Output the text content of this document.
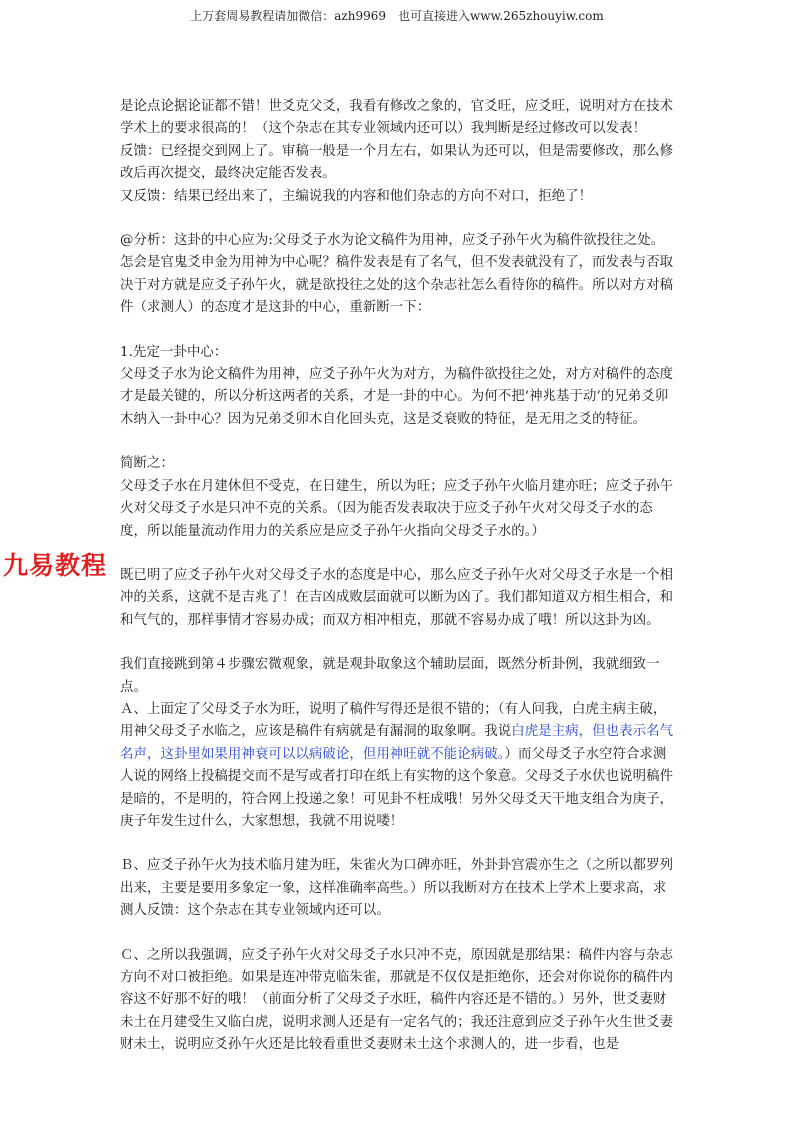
上万套周易教程请加微信：azh9969　也可直接进入www.265zhouyiw.com
九易教程

是论点论据论证都不错！世爻克父爻，我看有修改之象的，官爻旺，应爻旺，说明对方在技术学术上的要求很高的！（这个杂志在其专业领域内还可以）我判断是经过修改可以发表！

反馈：已经提交到网上了。审稿一般是一个月左右，如果认为还可以，但是需要修改，那么修改后再次提交，最终决定能否发表。

又反馈：结果已经出来了，主编说我的内容和他们杂志的方向不对口，拒绝了！

@分析：这卦的中心应为:父母爻子水为论文稿件为用神，应爻子孙午火为稿件欲投往之处。怎会是官鬼爻申金为用神为中心呢？稿件发表是有了名气，但不发表就没有了，而发表与否取决于对方就是应爻子孙午火，就是欲投往之处的这个杂志社怎么看待你的稿件。所以对方对稿件（求测人）的态度才是这卦的中心，重新断一下：

1.先定一卦中心：

父母爻子水为论文稿件为用神，应爻子孙午火为对方，为稿件欲投往之处，对方对稿件的态度才是最关键的，所以分析这两者的关系，才是一卦的中心。为何不把‘神兆基于动’的兄弟爻卯木纳入一卦中心？因为兄弟爻卯木自化回头克，这是爻衰败的特征，是无用之爻的特征。

简断之：

父母爻子水在月建休但不受克，在日建生，所以为旺；应爻子孙午火临月建亦旺；应爻子孙午火对父母爻子水是只冲不克的关系。（因为能否发表取决于应爻子孙午火对父母爻子水的态度，所以能量流动作用力的关系应是应爻子孙午火指向父母爻子水的。）

既已明了应爻子孙午火对父母爻子水的态度是中心，那么应爻子孙午火对父母爻子水是一个相冲的关系，这就不是吉兆了！在吉凶成败层面就可以断为凶了。我们都知道双方相生相合，和和气气的，那样事情才容易办成；而双方相冲相克，那就不容易办成了哦！所以这卦为凶。

我们直接跳到第４步骤宏微观象，就是观卦取象这个辅助层面，既然分析卦例，我就细致一点。

Ａ、上面定了父母爻子水为旺，说明了稿件写得还是很不错的；（有人问我，白虎主病主破，用神父母爻子水临之，应该是稿件有病就是有漏洞的取象啊。我说白虎是主病，但也表示名气名声，这卦里如果用神衰可以以病破论，但用神旺就不能论病破。）而父母爻子水空符合求测人说的网络上投稿提交而不是写或者打印在纸上有实物的这个象意。父母爻子水伏也说明稿件是暗的，不是明的，符合网上投递之象！可见卦不枉成哦！另外父母爻天干地支组合为庚子，庚子年发生过什么，大家想想，我就不用说喽！

Ｂ、应爻子孙午火为技术临月建为旺，朱雀火为口碑亦旺，外卦卦宫震亦生之（之所以都罗列出来，主要是要用多象定一象，这样准确率高些。）所以我断对方在技术上学术上要求高，求测人反馈：这个杂志在其专业领域内还可以。

Ｃ、之所以我强调，应爻子孙午火对父母爻子水只冲不克，原因就是那结果：稿件内容与杂志方向不对口被拒绝。如果是连冲带克临朱雀，那就是不仅仅是拒绝你，还会对你说你的稿件内容这不好那不好的哦！（前面分析了父母爻子水旺，稿件内容还是不错的。）另外，世爻妻财未土在月建受生又临白虎，说明求测人还是有一定名气的；我还注意到应爻子孙午火生世爻妻财未土，说明应爻孙午火还是比较看重世爻妻财未土这个求测人的，进一步看，也是
